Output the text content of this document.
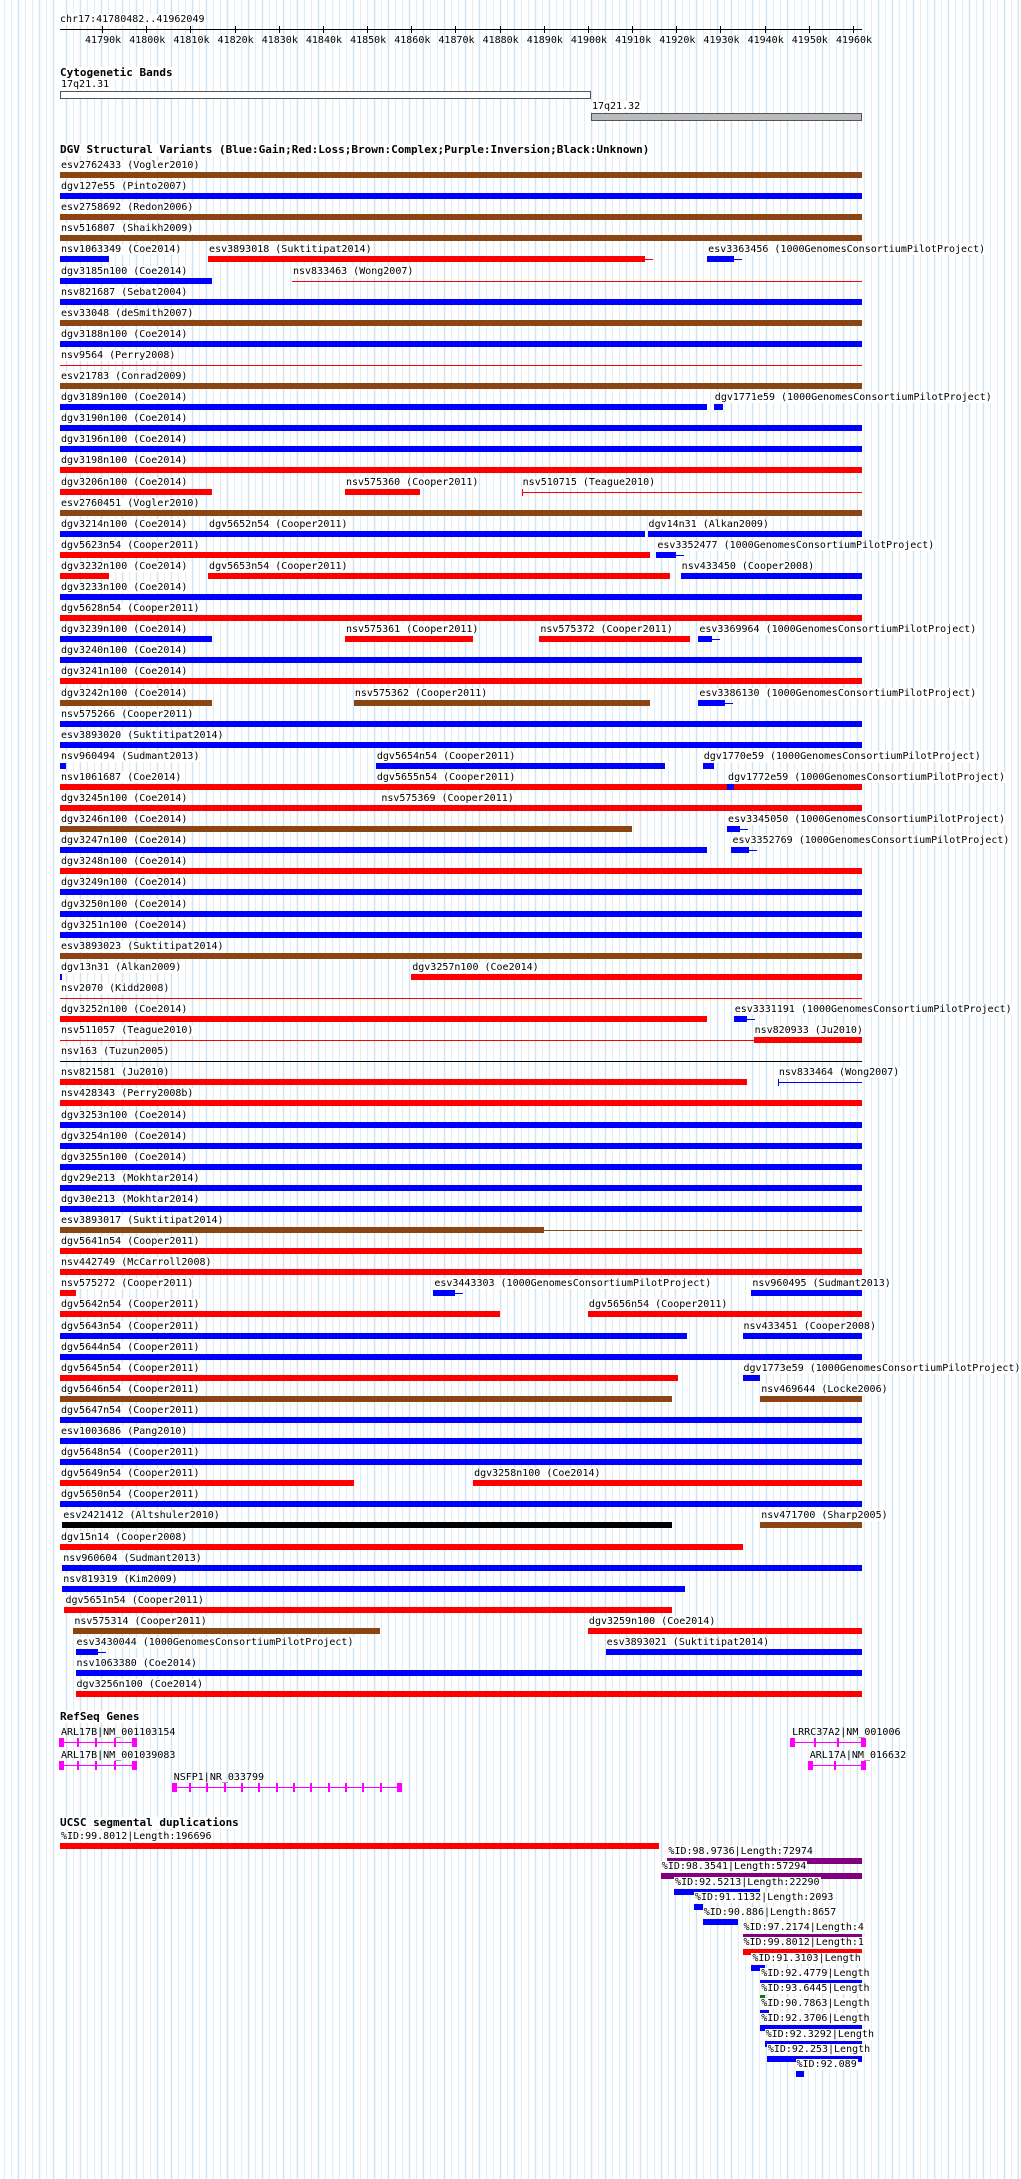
chr17:41780482..41962049
41790k 41800k 41810k 41820k 41830k 41840k 41850k 41860k 41870k 41880k 41890k 41900k 41910k 41920k 41930k 41940k 41950k 41960k
Cytogenetic Bands
17q21.31
17q21.32
DGV Structural Variants (Blue:Gain;Red:Loss;Brown:Complex;Purple:Inversion;Black:Unknown)
esv2762433 (Vogler2010)
dgv127e55 (Pinto2007)
esv2758692 (Redon2006)
nsv516807 (Shaikh2009)
nsv1063349 (Coe2014)	esv3893018 (Suktitipat2014)	esv3363456 (1000GenomesConsortiumPilotProject)
dgv3185n100 (Coe2014)	nsv833463 (Wong2007)
nsv821687 (Sebat2004)
esv33048 (deSmith2007)
dgv3188n100 (Coe2014)
nsv9564 (Perry2008)
esv21783 (Conrad2009)
dgv3189n100 (Coe2014)	dgv1771e59 (1000GenomesConsortiumPilotProject)
dgv3190n100 (Coe2014)
dgv3196n100 (Coe2014)
dgv3198n100 (Coe2014)
dgv3206n100 (Coe2014)	nsv575360 (Cooper2011)	nsv510715 (Teague2010)
esv2760451 (Vogler2010)
dgv3214n100 (Coe2014) dgv5652n54 (Cooper2011)	dgv14n31 (Alkan2009)
dgv5623n54 (Cooper2011)	esv3352477 (1000GenomesConsortiumPilotProject)
dgv3232n100 (Coe2014) dgv5653n54 (Cooper2011)	nsv433450 (Cooper2008)
dgv3233n100 (Coe2014)
dgv5628n54 (Cooper2011)
dgv3239n100 (Coe2014)	nsv575361 (Cooper2011)	nsv575372 (Cooper2011)	esv3369964 (1000GenomesConsortiumPilotProject)
dgv3240n100 (Coe2014)
dgv3241n100 (Coe2014)
dgv3242n100 (Coe2014)	nsv575362 (Cooper2011)	esv3386130 (1000GenomesConsortiumPilotProject)
nsv575266 (Cooper2011)
esv3893020 (Suktitipat2014)
nsv960494 (Sudmant2013)	dgv5654n54 (Cooper2011)	dgv1770e59 (1000GenomesConsortiumPilotProject)
nsv1061687 (Coe2014)	dgv5655n54 (Cooper2011)	dgv1772e59 (1000GenomesConsortiumPilotProject)
dgv3245n100 (Coe2014)	nsv575369 (Cooper2011)
dgv3246n100 (Coe2014)	esv3345050 (1000GenomesConsortiumPilotProject)
dgv3247n100 (Coe2014)	esv3352769 (1000GenomesConsortiumPilotProject)
dgv3248n100 (Coe2014)
dgv3249n100 (Coe2014)
dgv3250n100 (Coe2014)
dgv3251n100 (Coe2014)
esv3893023 (Suktitipat2014)
dgv13n31 (Alkan2009)	dgv3257n100 (Coe2014)
nsv2070 (Kidd2008)
dgv3252n100 (Coe2014)	esv3331191 (1000GenomesConsortiumPilotProject)
nsv511057 (Teague2010)	nsv820933 (Ju2010)
nsv163 (Tuzun2005)
nsv821581 (Ju2010)	nsv833464 (Wong2007)
nsv428343 (Perry2008b)
dgv3253n100 (Coe2014)
dgv3254n100 (Coe2014)
dgv3255n100 (Coe2014)
dgv29e213 (Mokhtar2014)
dgv30e213 (Mokhtar2014)
esv3893017 (Suktitipat2014)
dgv5641n54 (Cooper2011)
nsv442749 (McCarroll2008)
nsv575272 (Cooper2011)	esv3443303 (1000GenomesConsortiumPilotProject)	nsv960495 (Sudmant2013)
dgv5642n54 (Cooper2011)	dgv5656n54 (Cooper2011)
dgv5643n54 (Cooper2011)	nsv433451 (Cooper2008)
dgv5644n54 (Cooper2011)
dgv5645n54 (Cooper2011)	dgv1773e59 (1000GenomesConsortiumPilotProject)
dgv5646n54 (Cooper2011)	nsv469644 (Locke2006)
dgv5647n54 (Cooper2011)
esv1003686 (Pang2010)
dgv5648n54 (Cooper2011)
dgv5649n54 (Cooper2011)	dgv3258n100 (Coe2014)
dgv5650n54 (Cooper2011)
esv2421412 (Altshuler2010)	nsv471700 (Sharp2005)
dgv15n14 (Cooper2008)
nsv960604 (Sudmant2013)
nsv819319 (Kim2009)
dgv5651n54 (Cooper2011)
nsv575314 (Cooper2011)	dgv3259n100 (Coe2014)
esv3430044 (1000GenomesConsortiumPilotProject)	esv3893021 (Suktitipat2014)
nsv1063380 (Coe2014)
dgv3256n100 (Coe2014)
RefSeq Genes
ARL17B|NM_001103154	LRRC37A2|NM_001006
ARL17B|NM_001039083	ARL17A|NM_016632
NSFP1|NR_033799
UCSC segmental duplications
%ID:99.8012|Length:196696
%ID:98.9736|Length:72974
%ID:98.3541|Length:57294
%ID:92.5213|Length:22290
%ID:91.1132|Length:2093
%ID:90.886|Length:8657
%ID:97.2174|Length:4
%ID:99.8012|Length:1
%ID:91.3103|Length
%ID:92.4779|Length
%ID:93.6445|Length
%ID:90.7863|Length
%ID:92.3706|Length
%ID:92.3292|Length
%ID:92.253|Length
%ID:92.089
